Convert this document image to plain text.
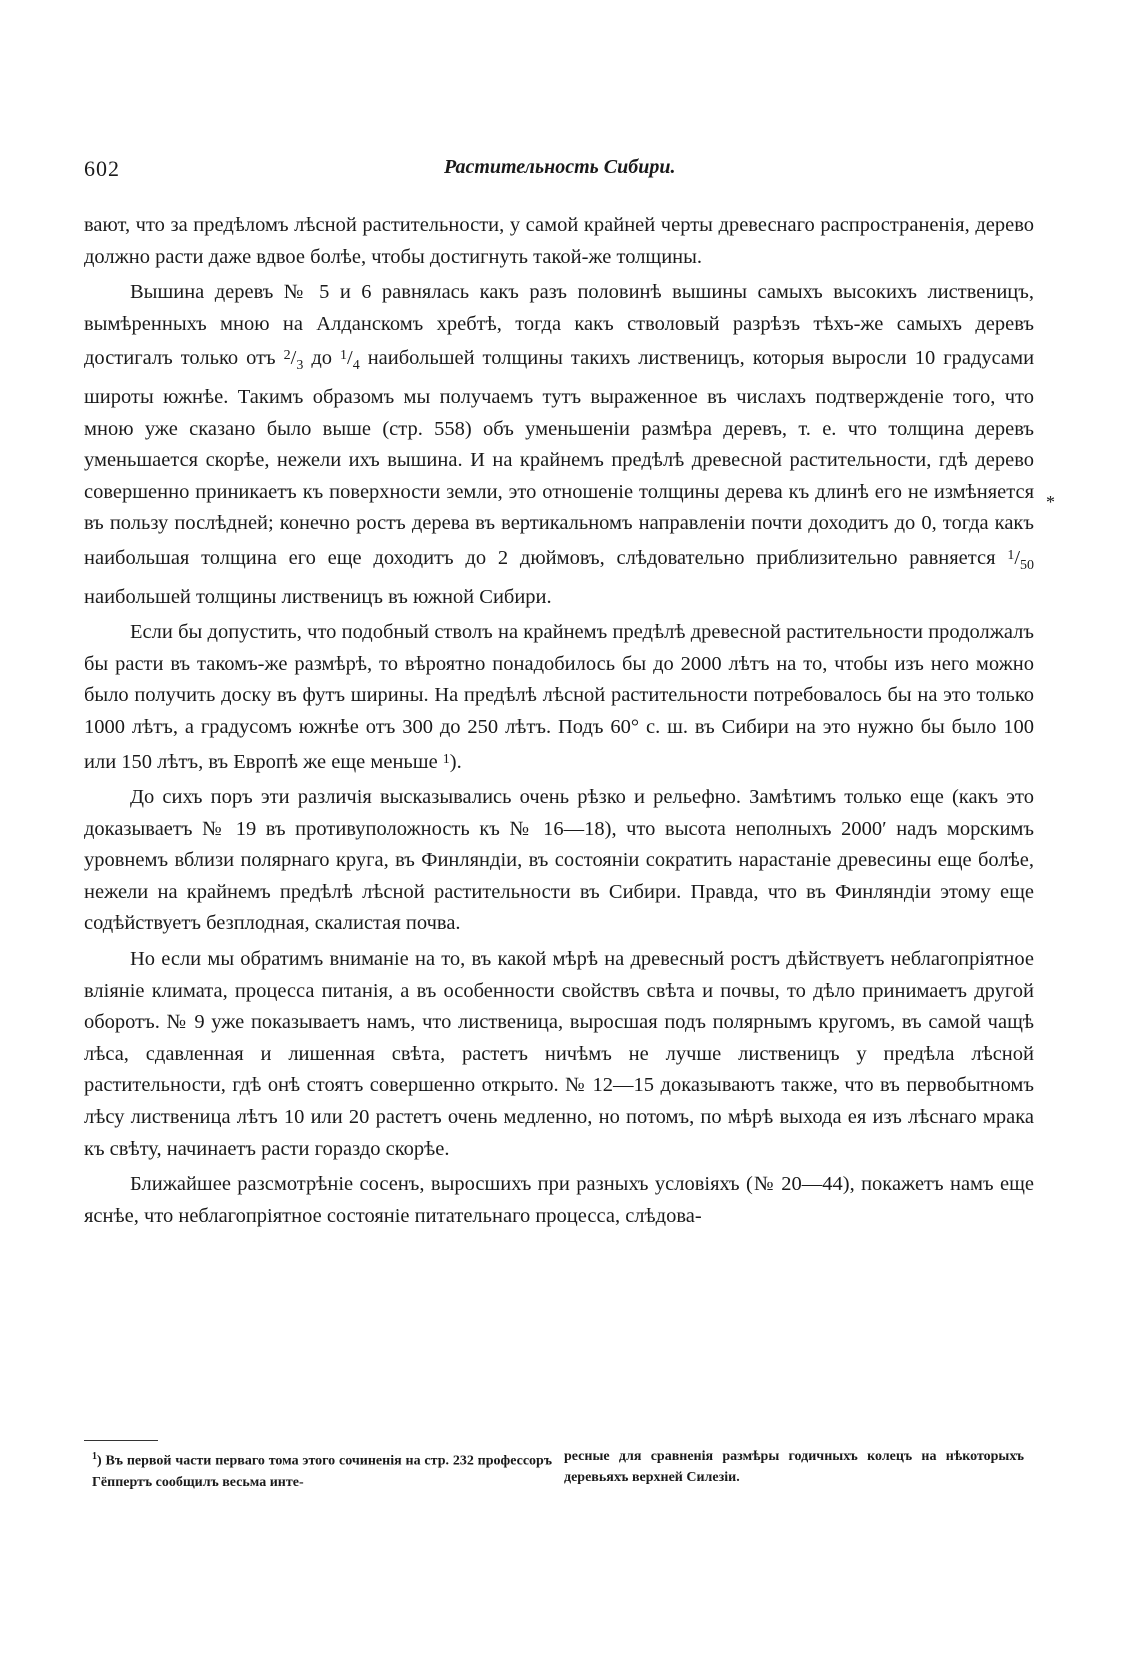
602	Растительность Сибири.

вают, что за предѣломъ лѣсной растительности, у самой крайней черты древеснаго распространенія, дерево должно расти даже вдвое болѣе, чтобы достигнуть такой-же толщины.

Вышина деревъ № 5 и 6 равнялась какъ разъ половинѣ вышины самыхъ высокихъ лиственицъ, вымѣренныхъ мною на Алданскомъ хребтѣ, тогда какъ стволовый разрѣзъ тѣхъ-же самыхъ деревъ достигалъ только отъ $^2/_3$ до $^1/_4$ наибольшей толщины такихъ лиственицъ, которыя выросли 10 градусами широты южнѣе. Такимъ образомъ мы получаемъ тутъ выраженное въ числахъ подтвержденіе того, что мною уже сказано было выше (стр. 558) объ уменьшеніи размѣра деревъ, т. е. что толщина деревъ уменьшается скорѣе, нежели ихъ вышина. И на крайнемъ предѣлѣ древесной растительности, гдѣ дерево совершенно приникаетъ къ поверхности земли, это отношеніе толщины дерева къ длинѣ его не измѣняется въ пользу послѣдней; конечно ростъ дерева въ вертикальномъ направленіи почти доходитъ до 0, тогда какъ наибольшая толщина его еще доходитъ до 2 дюймовъ, слѣдовательно приблизительно равняется $^1/_{50}$ наибольшей толщины лиственицъ въ южной Сибири.

Если бы допустить, что подобный стволъ на крайнемъ предѣлѣ древесной растительности продолжалъ бы расти въ такомъ-же размѣрѣ, то вѣроятно понадобилось бы до 2000 лѣтъ на то, чтобы изъ него можно было получить доску въ футъ ширины. На предѣлѣ лѣсной растительности потребовалось бы на это только 1000 лѣтъ, а градусомъ южнѣе отъ 300 до 250 лѣтъ. Подъ 60° с. ш. въ Сибири на это нужно бы было 100 или 150 лѣтъ, въ Европѣ же еще меньше $^1$).

До сихъ поръ эти различія высказывались очень рѣзко и рельефно. Замѣтимъ только еще (какъ это доказываетъ № 19 въ противуположность къ № 16—18), что высота неполныхъ 2000′ надъ морскимъ уровнемъ вблизи полярнаго круга, въ Финляндіи, въ состояніи сократить нарастаніе древесины еще болѣе, нежели на крайнемъ предѣлѣ лѣсной растительности въ Сибири. Правда, что въ Финляндіи этому еще содѣйствуетъ безплодная, скалистая почва.

Но если мы обратимъ вниманіе на то, въ какой мѣрѣ на древесный ростъ дѣйствуетъ неблагопріятное вліяніе климата, процесса питанія, а въ особенности свойствъ свѣта и почвы, то дѣло принимаетъ другой оборотъ. № 9 уже показываетъ намъ, что лиственица, выросшая подъ полярнымъ кругомъ, въ самой чащѣ лѣса, сдавленная и лишенная свѣта, растетъ ничѣмъ не лучше лиственицъ у предѣла лѣсной растительности, гдѣ онѣ стоятъ совершенно открыто. № 12—15 доказываютъ также, что въ первобытномъ лѣсу лиственица лѣтъ 10 или 20 растетъ очень медленно, но потомъ, по мѣрѣ выхода ея изъ лѣснаго мрака къ свѣту, начинаетъ расти гораздо скорѣе.

Ближайшее разсмотрѣніе сосенъ, выросшихъ при разныхъ условіяхъ (№ 20—44), покажетъ намъ еще яснѣе, что неблагопріятное состояніе питательнаго процесса, слѣдова-

*
$^1$) Въ первой части перваго тома этого сочиненія на стр. 232 профессоръ Гёппертъ сообщилъ весьма инте-
ресные для сравненія размѣры годичныхъ колецъ на нѣкоторыхъ деревьяхъ верхней Силезіи.
